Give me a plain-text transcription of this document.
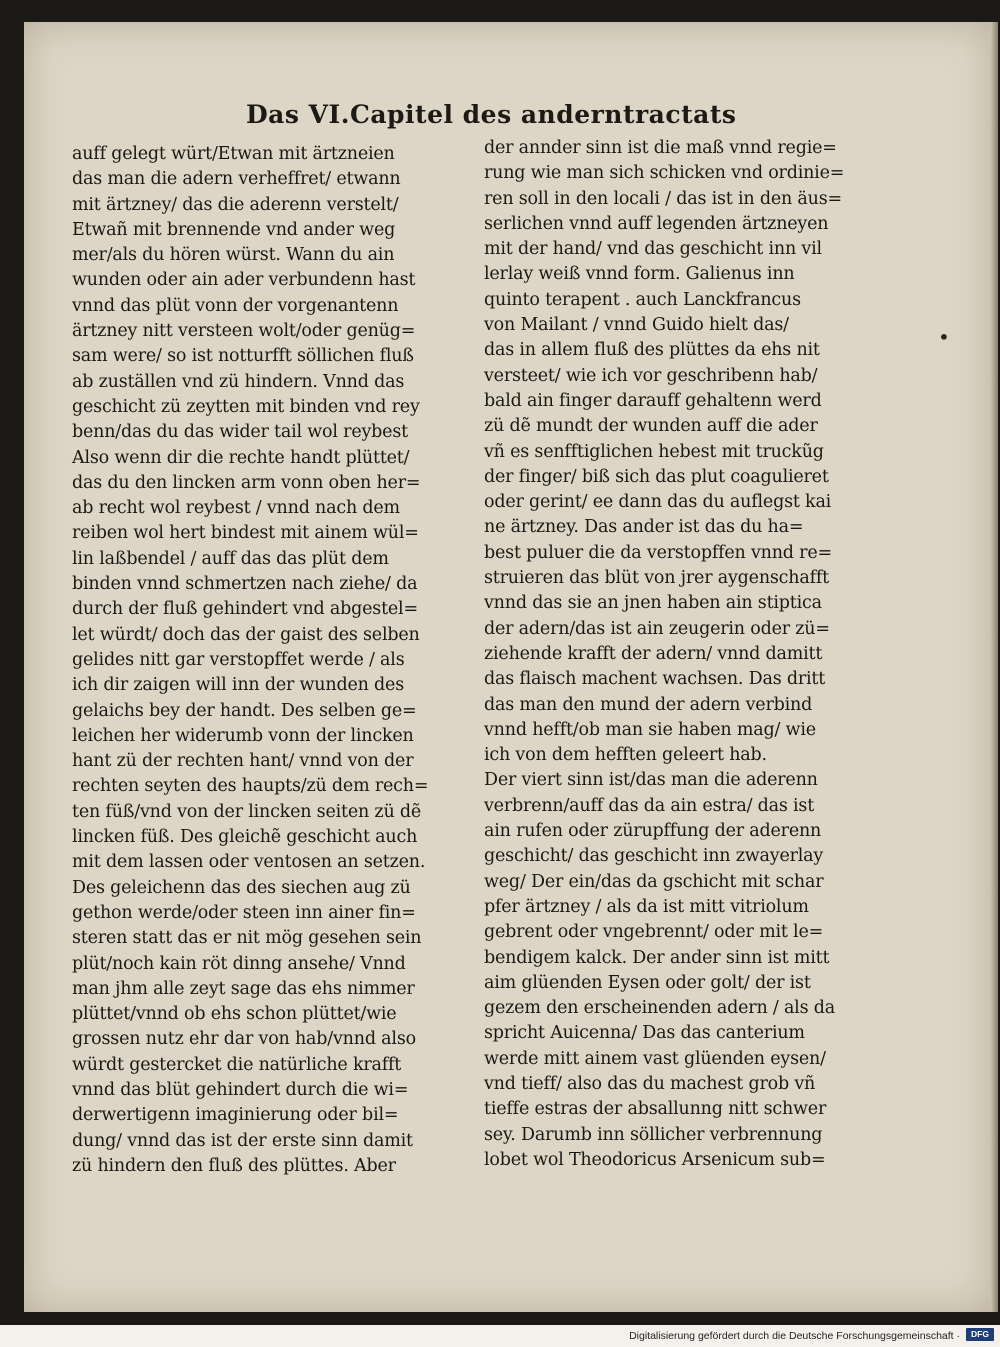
Das VI.Capitel des anderntractats
auff gelegt würt/Etwan mit ärtzneien
das man die adern verheffret/ etwann
mit ärtzney/ das die aderenn verstelt/
Etwañ mit brennende vnd ander weg
mer/als du hören würst. Wann du ain
wunden oder ain ader verbundenn hast
vnnd das plüt vonn der vorgenantenn
ärtzney nitt versteen wolt/oder genüg=
sam were/ so ist notturfft söllichen fluß
ab zuställen vnd zü hindern. Vnnd das
geschicht zü zeytten mit binden vnd rey
benn/das du das wider tail wol reybest
Also wenn dir die rechte handt plüttet/
das du den lincken arm vonn oben her=
ab recht wol reybest / vnnd nach dem
reiben wol hert bindest mit ainem wül=
lin laßbendel / auff das das plüt dem
binden vnnd schmertzen nach ziehe/ da
durch der fluß gehindert vnd abgestel=
let würdt/ doch das der gaist des selben
gelides nitt gar verstopffet werde / als
ich dir zaigen will inn der wunden des
gelaichs bey der handt. Des selben ge=
leichen her widerumb vonn der lincken
hant zü der rechten hant/ vnnd von der
rechten seyten des haupts/zü dem rech=
ten füß/vnd von der lincken seiten zü dẽ
lincken füß. Des gleichẽ geschicht auch
mit dem lassen oder ventosen an setzen.
Des geleichenn das des siechen aug zü
gethon werde/oder steen inn ainer fin=
steren statt das er nit mög gesehen sein
plüt/noch kain röt dinng ansehe/ Vnnd
man jhm alle zeyt sage das ehs nimmer
plüttet/vnnd ob ehs schon plüttet/wie
grossen nutz ehr dar von hab/vnnd also
würdt gestercket die natürliche krafft
vnnd das blüt gehindert durch die wi=
derwertigenn imaginierung oder bil=
dung/ vnnd das ist der erste sinn damit
zü hindern den fluß des plüttes. Aber
der annder sinn ist die maß vnnd regie=
rung wie man sich schicken vnd ordinie=
ren soll in den locali / das ist in den äus=
serlichen vnnd auff legenden ärtzneyen
mit der hand/ vnd das geschicht inn vil
lerlay weiß vnnd form. Galienus inn
quinto terapent . auch Lanckfrancus
von Mailant / vnnd Guido hielt das/
das in allem fluß des plüttes da ehs nit
versteet/ wie ich vor geschribenn hab/
bald ain finger darauff gehaltenn werd
zü dẽ mundt der wunden auff die ader
vñ es senfftiglichen hebest mit truckũg
der finger/ biß sich das plut coagulieret
oder gerint/ ee dann das du auflegst kai
ne ärtzney. Das ander ist das du ha=
best puluer die da verstopffen vnnd re=
struieren das blüt von jrer aygenschafft
vnnd das sie an jnen haben ain stiptica
der adern/das ist ain zeugerin oder zü=
ziehende krafft der adern/ vnnd damitt
das flaisch machent wachsen. Das dritt
das man den mund der adern verbind
vnnd hefft/ob man sie haben mag/ wie
ich von dem hefften geleert hab.
Der viert sinn ist/das man die aderenn
verbrenn/auff das da ain estra/ das ist
ain rufen oder zürupffung der aderenn
geschicht/ das geschicht inn zwayerlay
weg/ Der ein/das da gschicht mit schar
pfer ärtzney / als da ist mitt vitriolum
gebrent oder vngebrennt/ oder mit le=
bendigem kalck. Der ander sinn ist mitt
aim glüenden Eysen oder golt/ der ist
gezem den erscheinenden adern / als da
spricht Auicenna/ Das das canterium
werde mitt ainem vast glüenden eysen/
vnd tieff/ also das du machest grob vñ
tieffe estras der absallunng nitt schwer
sey. Darumb inn söllicher verbrennung
lobet wol Theodoricus Arsenicum sub=
•
Digitalisierung gefördert durch die Deutsche Forschungsgemeinschaft ·	DFG
